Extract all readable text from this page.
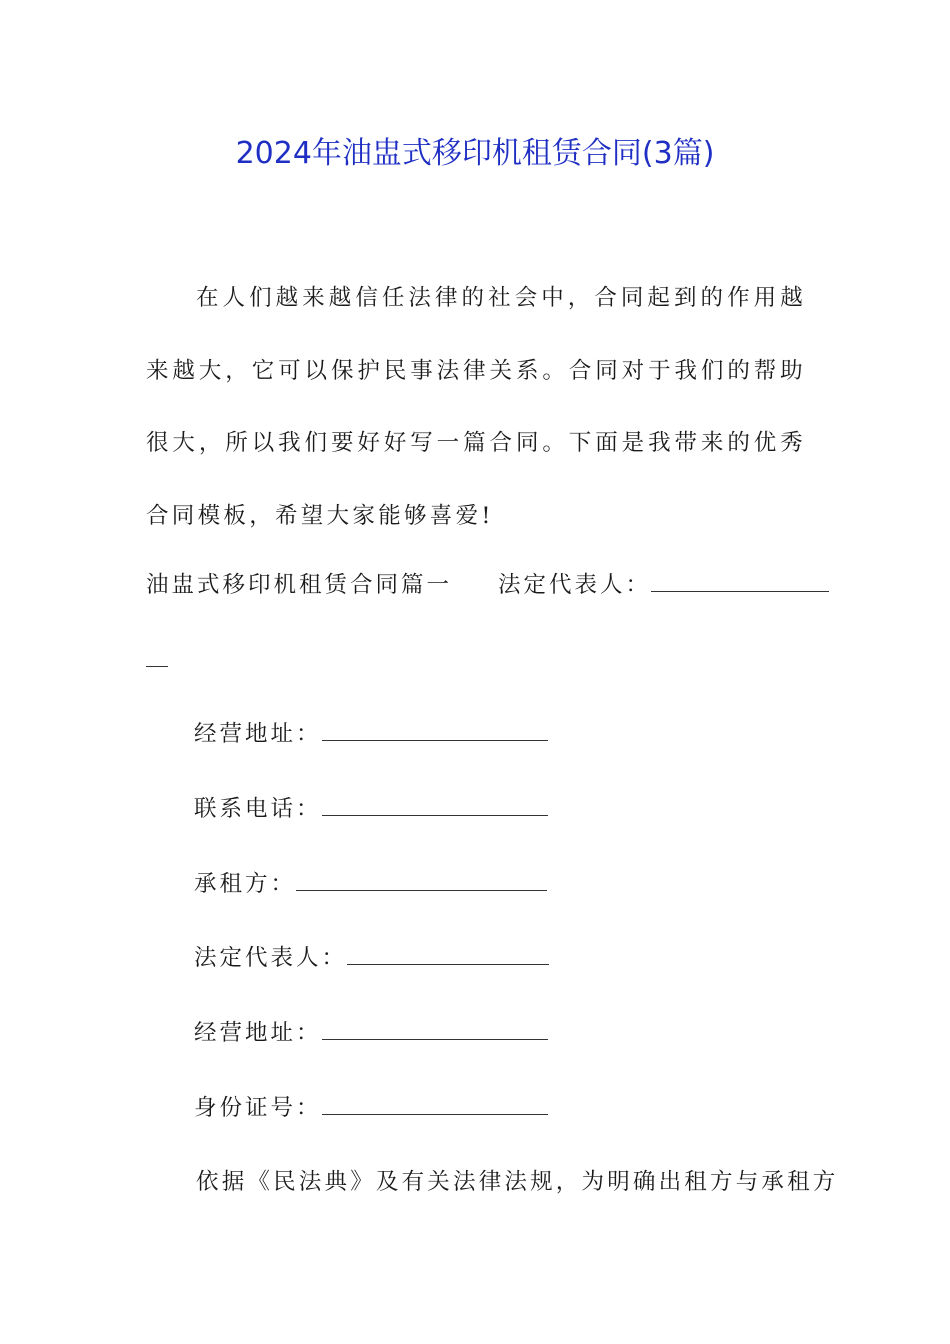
2024年油盅式移印机租赁合同(3篇)

在人们越来越信任法律的社会中，合同起到的作用越来越大，它可以保护民事法律关系。合同对于我们的帮助很大，所以我们要好好写一篇合同。下面是我带来的优秀合同模板，希望大家能够喜爱!

油盅式移印机租赁合同篇一 法定代表人：
经营地址：
联系电话：
承租方：
法定代表人：
经营地址：
身份证号：
依据《民法典》及有关法律法规，为明确出租方与承租方
